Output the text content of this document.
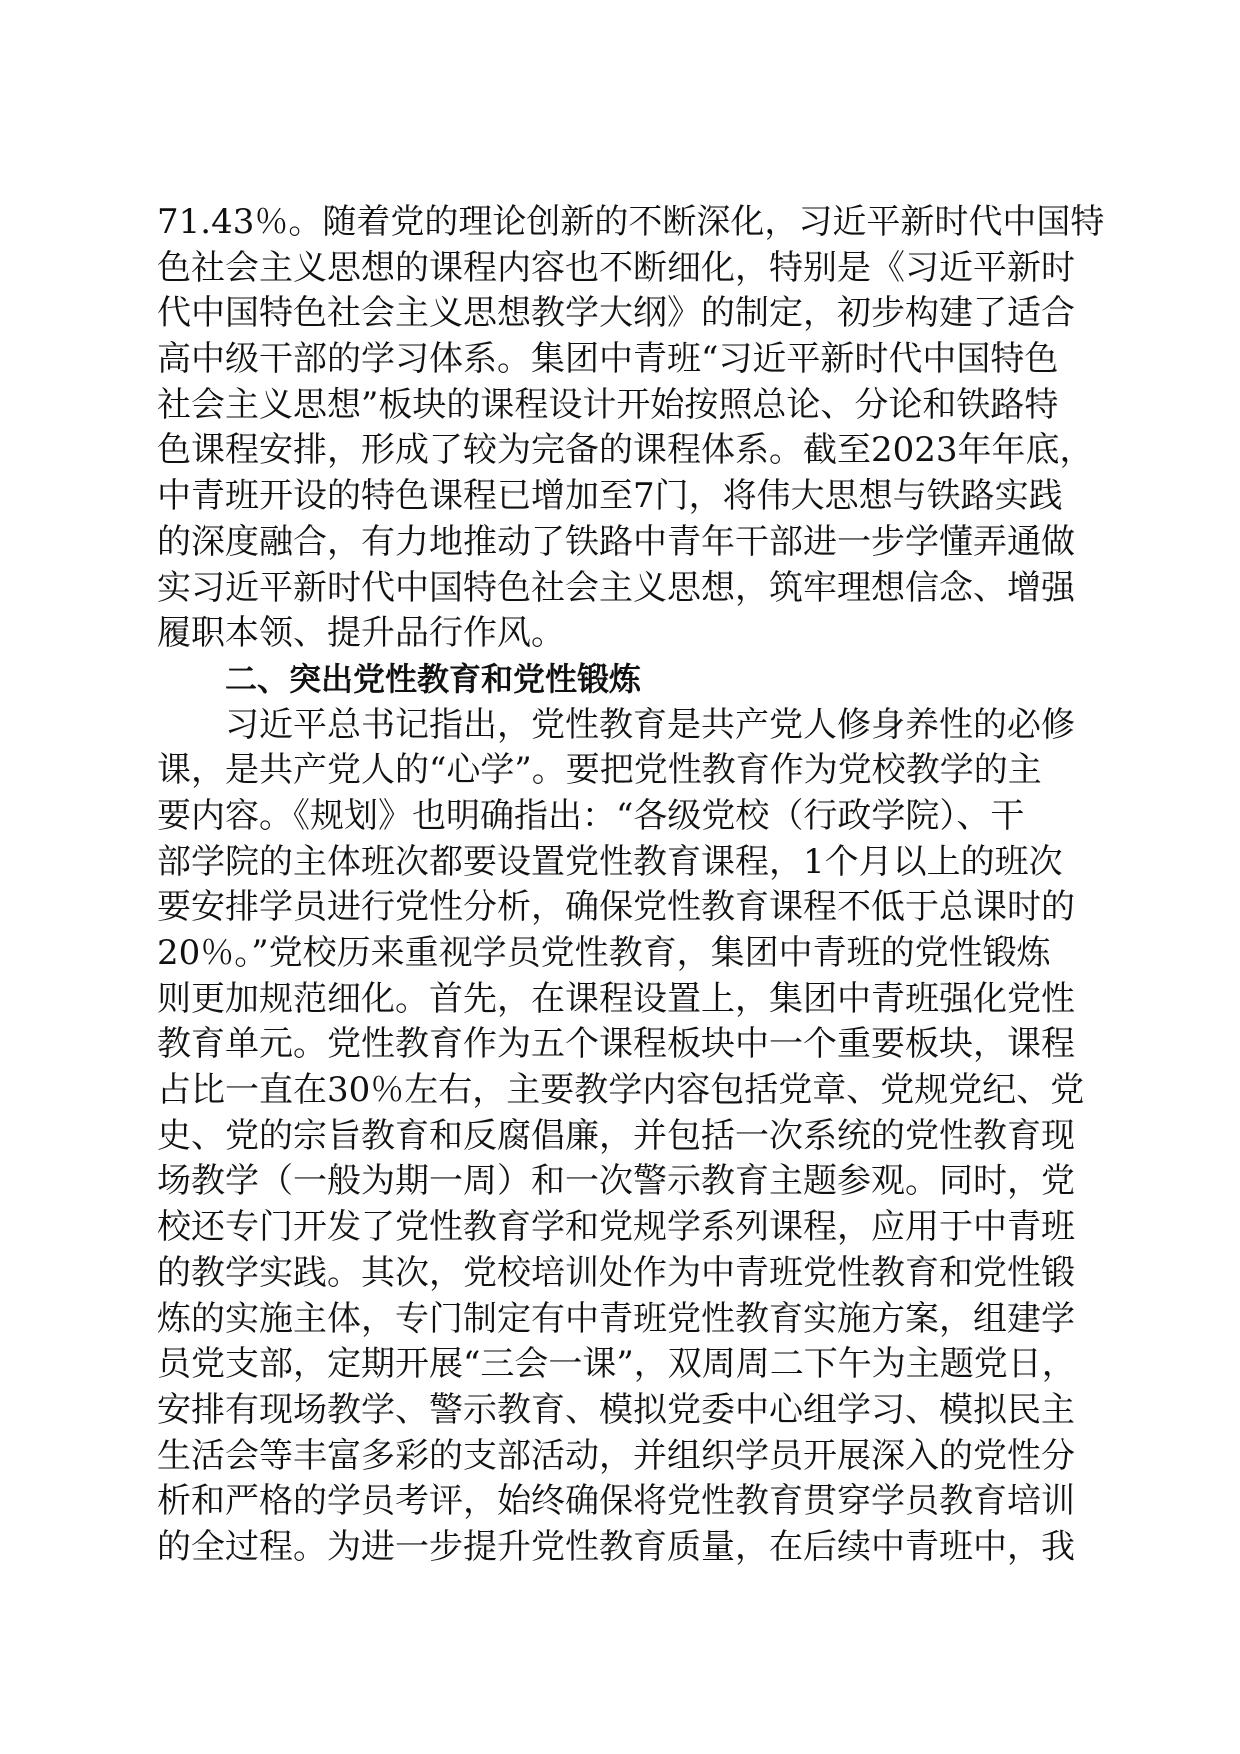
71.43％。随着党的理论创新的不断深化，习近平新时代中国特
色社会主义思想的课程内容也不断细化，特别是《习近平新时
代中国特色社会主义思想教学大纲》的制定，初步构建了适合
高中级干部的学习体系。集团中青班“习近平新时代中国特色
社会主义思想”板块的课程设计开始按照总论、分论和铁路特
色课程安排，形成了较为完备的课程体系。截至2023年年底，
中青班开设的特色课程已增加至7门，将伟大思想与铁路实践
的深度融合，有力地推动了铁路中青年干部进一步学懂弄通做
实习近平新时代中国特色社会主义思想，筑牢理想信念、增强
履职本领、提升品行作风。
二、突出党性教育和党性锻炼
习近平总书记指出，党性教育是共产党人修身养性的必修
课，是共产党人的“心学”。要把党性教育作为党校教学的主
要内容。《规划》也明确指出：“各级党校（行政学院）、干
部学院的主体班次都要设置党性教育课程，1个月以上的班次
要安排学员进行党性分析，确保党性教育课程不低于总课时的
20％。”党校历来重视学员党性教育，集团中青班的党性锻炼
则更加规范细化。首先，在课程设置上，集团中青班强化党性
教育单元。党性教育作为五个课程板块中一个重要板块，课程
占比一直在30％左右，主要教学内容包括党章、党规党纪、党
史、党的宗旨教育和反腐倡廉，并包括一次系统的党性教育现
场教学（一般为期一周）和一次警示教育主题参观。同时，党
校还专门开发了党性教育学和党规学系列课程，应用于中青班
的教学实践。其次，党校培训处作为中青班党性教育和党性锻
炼的实施主体，专门制定有中青班党性教育实施方案，组建学
员党支部，定期开展“三会一课”，双周周二下午为主题党日，
安排有现场教学、警示教育、模拟党委中心组学习、模拟民主
生活会等丰富多彩的支部活动，并组织学员开展深入的党性分
析和严格的学员考评，始终确保将党性教育贯穿学员教育培训
的全过程。为进一步提升党性教育质量，在后续中青班中，我
